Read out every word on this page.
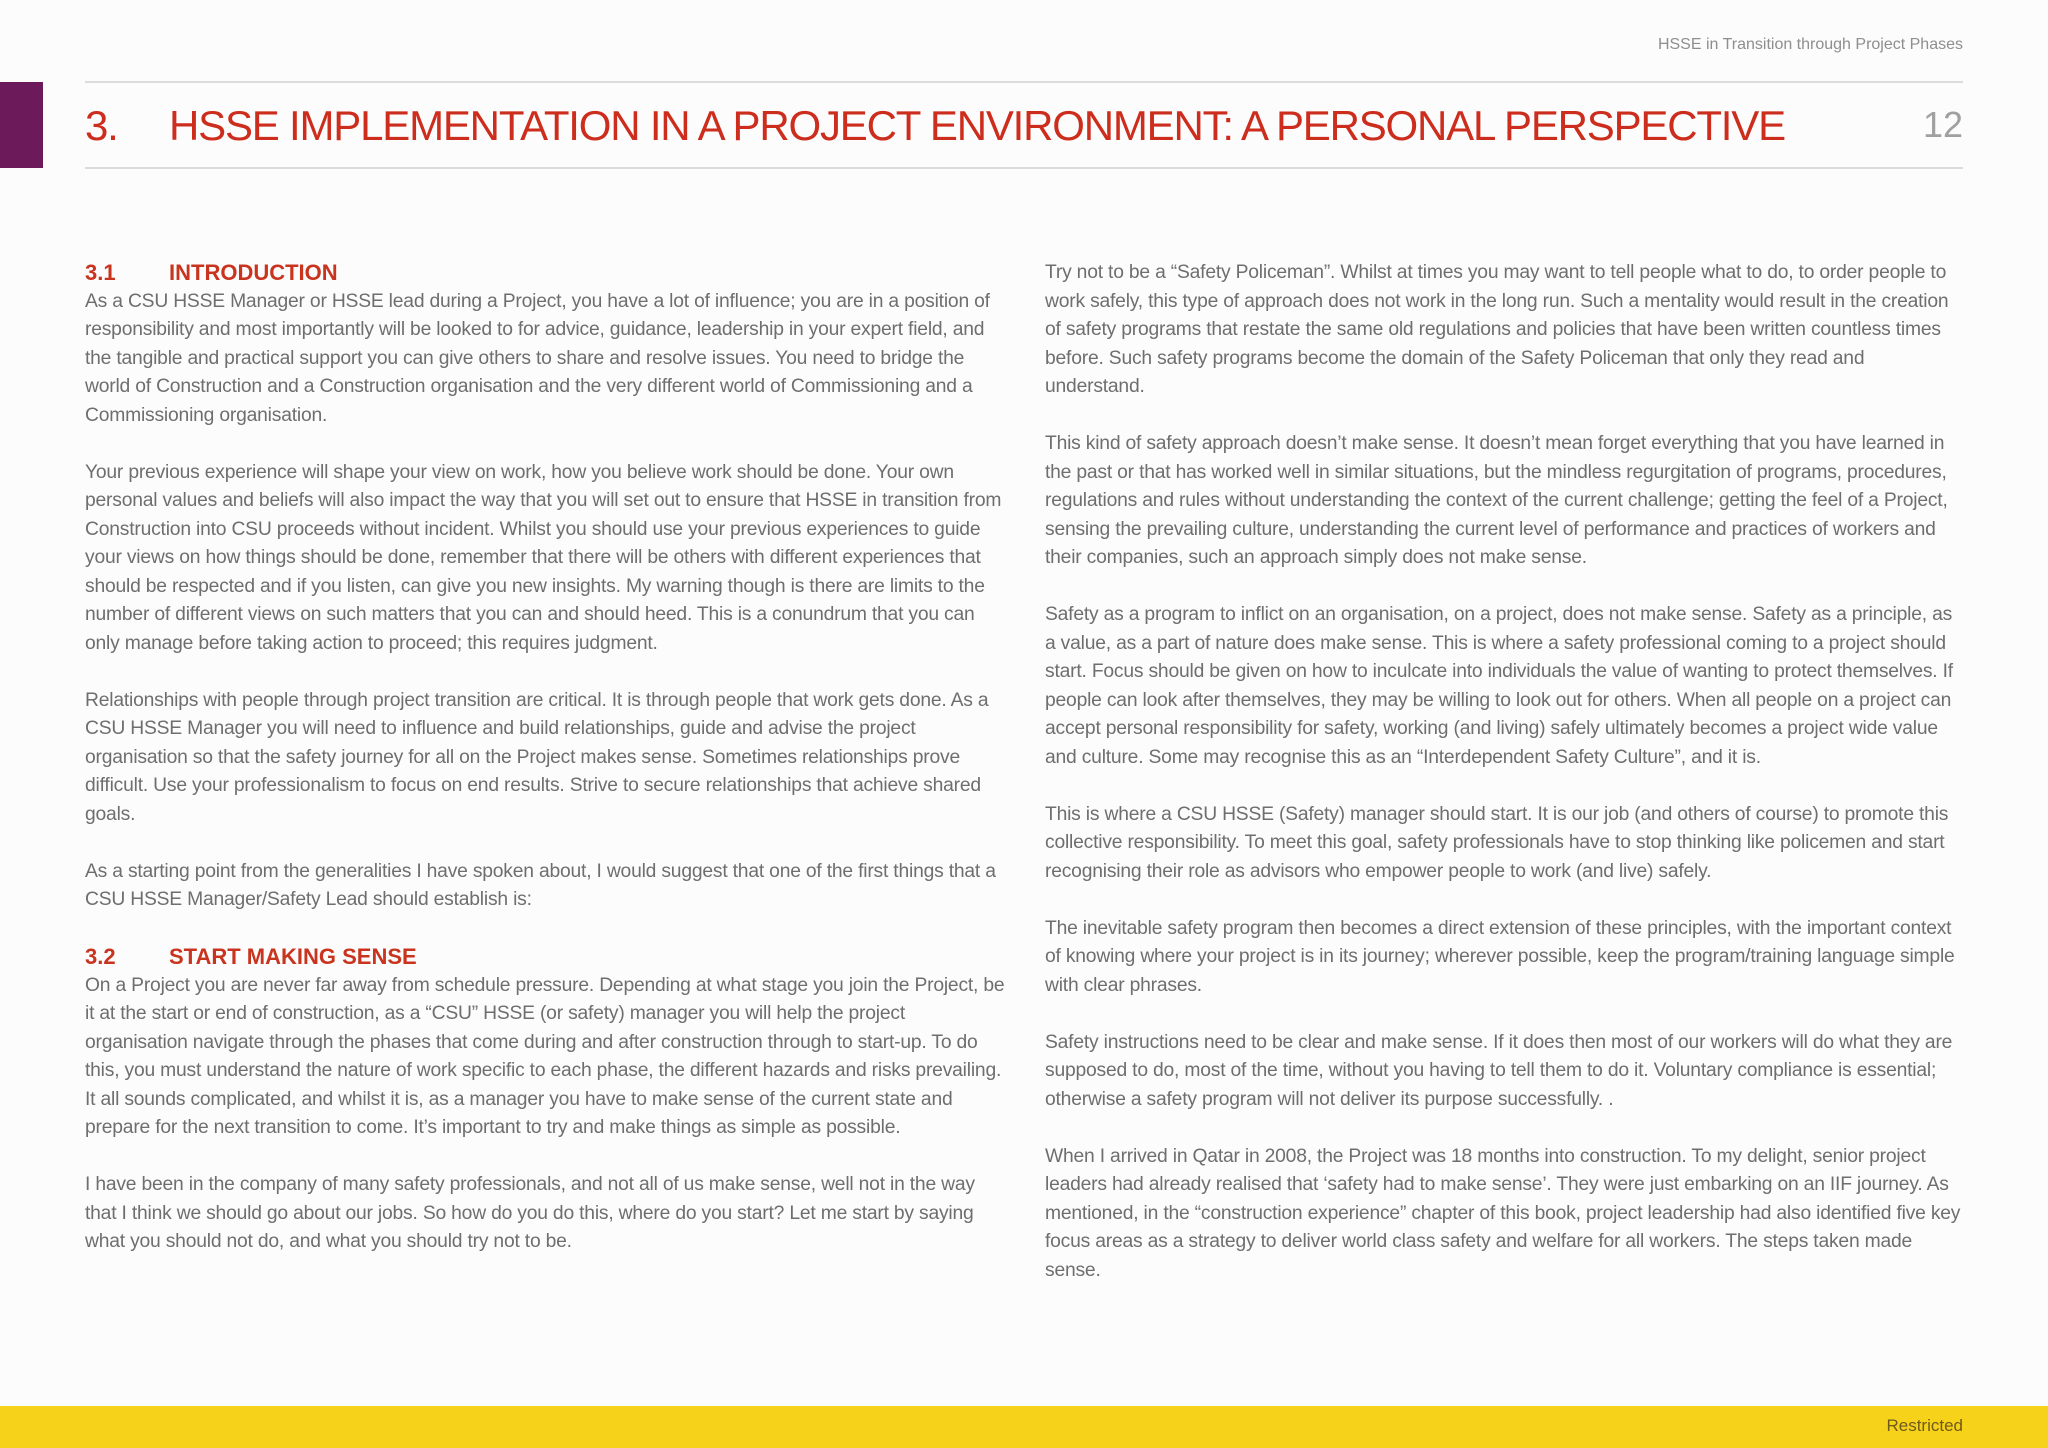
HSSE in Transition through Project Phases
3. HSSE IMPLEMENTATION IN A PROJECT ENVIRONMENT: A PERSONAL PERSPECTIVE	12
3.1 INTRODUCTION

As a CSU HSSE Manager or HSSE lead during a Project, you have a lot of influence; you are in a position of responsibility and most importantly will be looked to for advice, guidance, leadership in your expert field, and the tangible and practical support you can give others to share and resolve issues. You need to bridge the world of Construction and a Construction organisation and the very different world of Commissioning and a Commissioning organisation.

Your previous experience will shape your view on work, how you believe work should be done. Your own personal values and beliefs will also impact the way that you will set out to ensure that HSSE in transition from Construction into CSU proceeds without incident. Whilst you should use your previous experiences to guide your views on how things should be done, remember that there will be others with different experiences that should be respected and if you listen, can give you new insights. My warning though is there are limits to the number of different views on such matters that you can and should heed. This is a conundrum that you can only manage before taking action to proceed; this requires judgment.

Relationships with people through project transition are critical. It is through people that work gets done. As a CSU HSSE Manager you will need to influence and build relationships, guide and advise the project organisation so that the safety journey for all on the Project makes sense. Sometimes relationships prove difficult. Use your professionalism to focus on end results. Strive to secure relationships that achieve shared goals.

As a starting point from the generalities I have spoken about, I would suggest that one of the first things that a CSU HSSE Manager/Safety Lead should establish is:

3.2 START MAKING SENSE

On a Project you are never far away from schedule pressure. Depending at what stage you join the Project, be it at the start or end of construction, as a “CSU” HSSE (or safety) manager you will help the project organisation navigate through the phases that come during and after construction through to start-up. To do this, you must understand the nature of work specific to each phase, the different hazards and risks prevailing. It all sounds complicated, and whilst it is, as a manager you have to make sense of the current state and prepare for the next transition to come. It’s important to try and make things as simple as possible.

I have been in the company of many safety professionals, and not all of us make sense, well not in the way that I think we should go about our jobs. So how do you do this, where do you start? Let me start by saying what you should not do, and what you should try not to be.

Try not to be a “Safety Policeman”. Whilst at times you may want to tell people what to do, to order people to work safely, this type of approach does not work in the long run. Such a mentality would result in the creation of safety programs that restate the same old regulations and policies that have been written countless times before. Such safety programs become the domain of the Safety Policeman that only they read and understand.

This kind of safety approach doesn’t make sense. It doesn’t mean forget everything that you have learned in the past or that has worked well in similar situations, but the mindless regurgitation of programs, procedures, regulations and rules without understanding the context of the current challenge; getting the feel of a Project, sensing the prevailing culture, understanding the current level of performance and practices of workers and their companies, such an approach simply does not make sense.

Safety as a program to inflict on an organisation, on a project, does not make sense. Safety as a principle, as a value, as a part of nature does make sense. This is where a safety professional coming to a project should start. Focus should be given on how to inculcate into individuals the value of wanting to protect themselves. If people can look after themselves, they may be willing to look out for others. When all people on a project can accept personal responsibility for safety, working (and living) safely ultimately becomes a project wide value and culture. Some may recognise this as an “Interdependent Safety Culture”, and it is.

This is where a CSU HSSE (Safety) manager should start. It is our job (and others of course) to promote this collective responsibility. To meet this goal, safety professionals have to stop thinking like policemen and start recognising their role as advisors who empower people to work (and live) safely.

The inevitable safety program then becomes a direct extension of these principles, with the important context of knowing where your project is in its journey; wherever possible, keep the program/training language simple with clear phrases.

Safety instructions need to be clear and make sense. If it does then most of our workers will do what they are supposed to do, most of the time, without you having to tell them to do it. Voluntary compliance is essential; otherwise a safety program will not deliver its purpose successfully. .

When I arrived in Qatar in 2008, the Project was 18 months into construction. To my delight, senior project leaders had already realised that ‘safety had to make sense’. They were just embarking on an IIF journey. As mentioned, in the “construction experience” chapter of this book, project leadership had also identified five key focus areas as a strategy to deliver world class safety and welfare for all workers. The steps taken made sense.

Restricted
